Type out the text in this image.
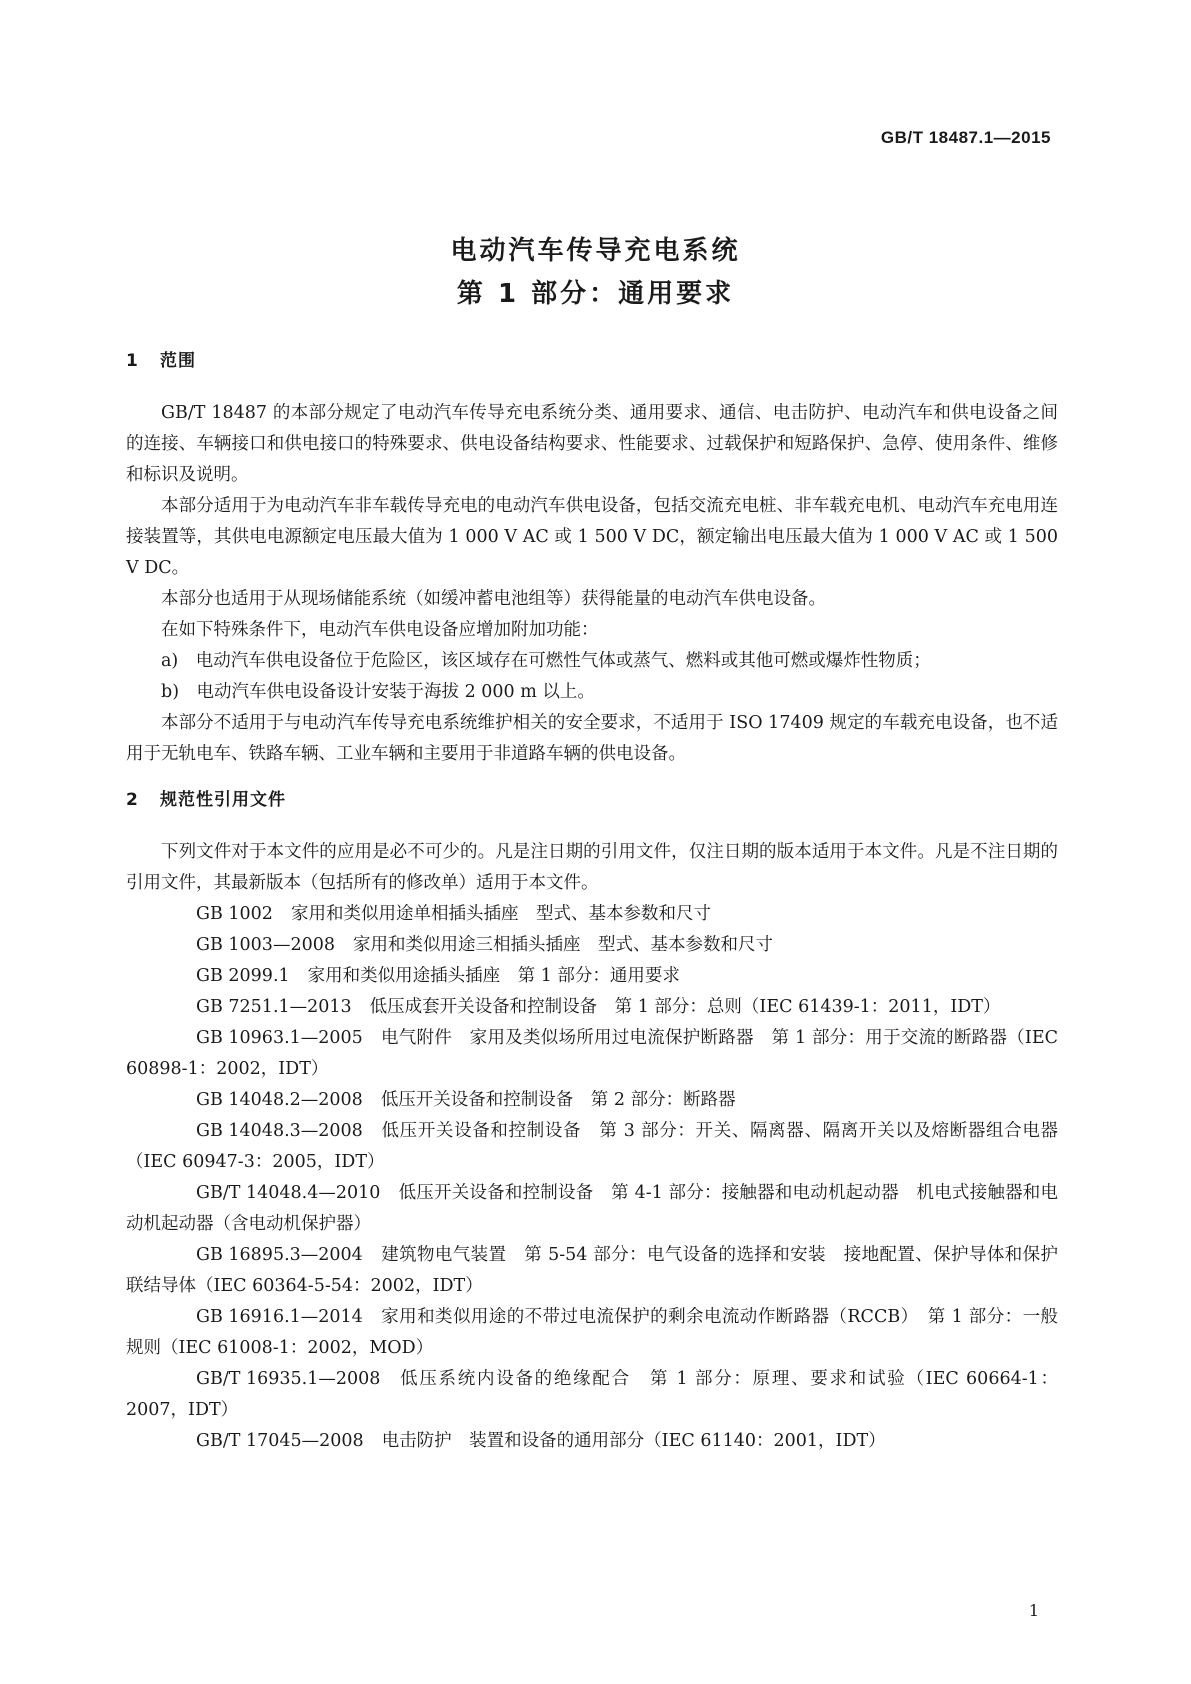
GB/T 18487.1—2015
电动汽车传导充电系统
第 1 部分：通用要求
1 范围

GB/T 18487 的本部分规定了电动汽车传导充电系统分类、通用要求、通信、电击防护、电动汽车和供电设备之间的连接、车辆接口和供电接口的特殊要求、供电设备结构要求、性能要求、过载保护和短路保护、急停、使用条件、维修和标识及说明。

本部分适用于为电动汽车非车载传导充电的电动汽车供电设备，包括交流充电桩、非车载充电机、电动汽车充电用连接装置等，其供电电源额定电压最大值为 1 000 V AC 或 1 500 V DC，额定输出电压最大值为 1 000 V AC 或 1 500 V DC。

本部分也适用于从现场储能系统（如缓冲蓄电池组等）获得能量的电动汽车供电设备。

在如下特殊条件下，电动汽车供电设备应增加附加功能：

a)　电动汽车供电设备位于危险区，该区域存在可燃性气体或蒸气、燃料或其他可燃或爆炸性物质；

b)　电动汽车供电设备设计安装于海拔 2 000 m 以上。

本部分不适用于与电动汽车传导充电系统维护相关的安全要求，不适用于 ISO 17409 规定的车载充电设备，也不适用于无轨电车、铁路车辆、工业车辆和主要用于非道路车辆的供电设备。

2 规范性引用文件

下列文件对于本文件的应用是必不可少的。凡是注日期的引用文件，仅注日期的版本适用于本文件。凡是不注日期的引用文件，其最新版本（包括所有的修改单）适用于本文件。

GB 1002 家用和类似用途单相插头插座　型式、基本参数和尺寸

GB 1003—2008 家用和类似用途三相插头插座　型式、基本参数和尺寸

GB 2099.1 家用和类似用途插头插座　第 1 部分：通用要求

GB 7251.1—2013 低压成套开关设备和控制设备　第 1 部分：总则（IEC 61439-1：2011，IDT）

GB 10963.1—2005 电气附件　家用及类似场所用过电流保护断路器　第 1 部分：用于交流的断路器（IEC 60898-1：2002，IDT）

GB 14048.2—2008 低压开关设备和控制设备　第 2 部分：断路器

GB 14048.3—2008 低压开关设备和控制设备　第 3 部分：开关、隔离器、隔离开关以及熔断器组合电器（IEC 60947-3：2005，IDT）

GB/T 14048.4—2010 低压开关设备和控制设备　第 4-1 部分：接触器和电动机起动器　机电式接触器和电动机起动器（含电动机保护器）

GB 16895.3—2004 建筑物电气装置　第 5-54 部分：电气设备的选择和安装　接地配置、保护导体和保护联结导体（IEC 60364-5-54：2002，IDT）

GB 16916.1—2014 家用和类似用途的不带过电流保护的剩余电流动作断路器（RCCB）　第 1 部分：一般规则（IEC 61008-1：2002，MOD）

GB/T 16935.1—2008 低压系统内设备的绝缘配合　第 1 部分：原理、要求和试验（IEC 60664-1：2007，IDT）

GB/T 17045—2008 电击防护　装置和设备的通用部分（IEC 61140：2001，IDT）

1
